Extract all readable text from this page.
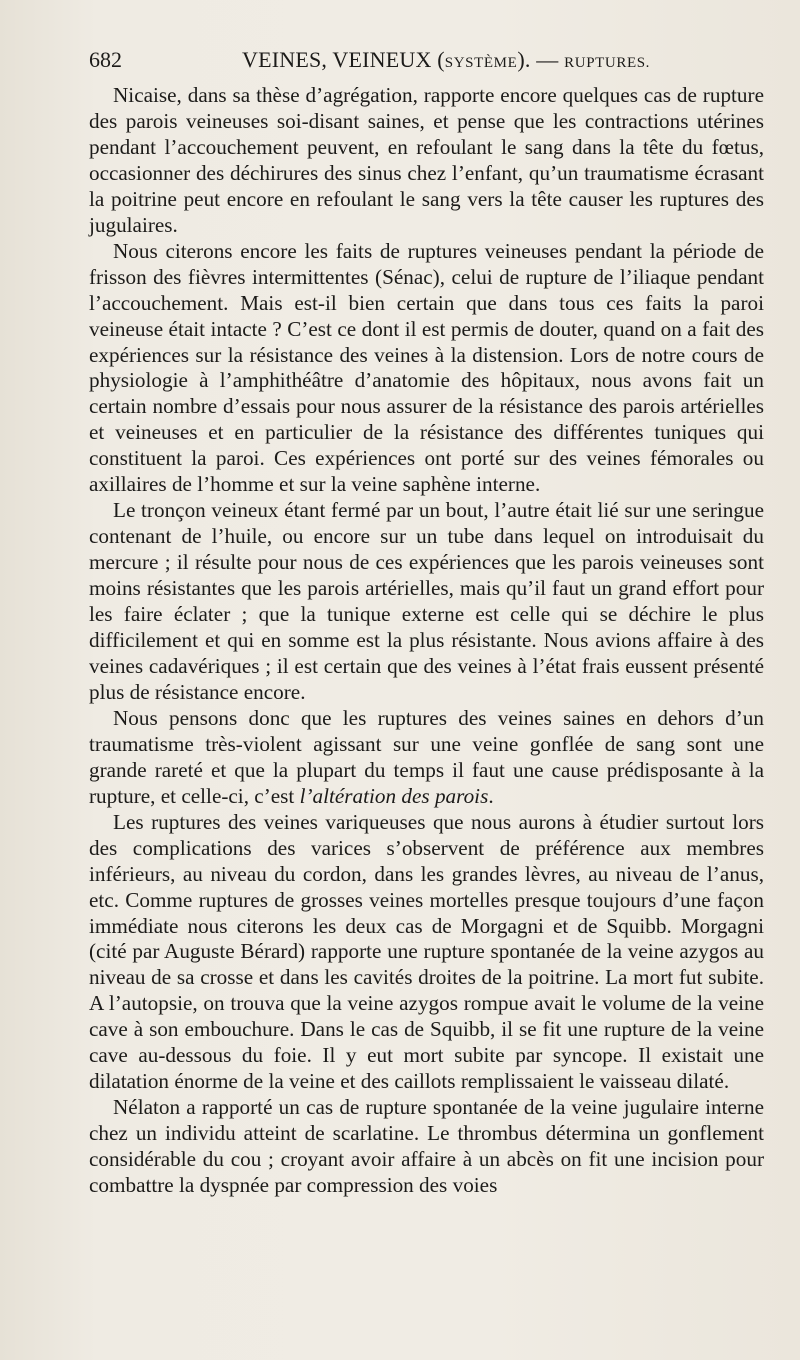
682	VEINES, VEINEUX (SYSTÈME). — RUPTURES.

Nicaise, dans sa thèse d’agrégation, rapporte encore quelques cas de rupture des parois veineuses soi-disant saines, et pense que les contractions utérines pendant l’accouchement peuvent, en refoulant le sang dans la tête du fœtus, occasionner des déchirures des sinus chez l’enfant, qu’un traumatisme écrasant la poitrine peut encore en refoulant le sang vers la tête causer les ruptures des jugulaires.

Nous citerons encore les faits de ruptures veineuses pendant la période de frisson des fièvres intermittentes (Sénac), celui de rupture de l’iliaque pendant l’accouchement. Mais est-il bien certain que dans tous ces faits la paroi veineuse était intacte ? C’est ce dont il est permis de douter, quand on a fait des expériences sur la résistance des veines à la distension. Lors de notre cours de physiologie à l’amphithéâtre d’anatomie des hôpitaux, nous avons fait un certain nombre d’essais pour nous assurer de la résistance des parois artérielles et veineuses et en particulier de la résistance des différentes tuniques qui constituent la paroi. Ces expériences ont porté sur des veines fémorales ou axillaires de l’homme et sur la veine saphène interne.

Le tronçon veineux étant fermé par un bout, l’autre était lié sur une seringue contenant de l’huile, ou encore sur un tube dans lequel on introduisait du mercure ; il résulte pour nous de ces expériences que les parois veineuses sont moins résistantes que les parois artérielles, mais qu’il faut un grand effort pour les faire éclater ; que la tunique externe est celle qui se déchire le plus difficilement et qui en somme est la plus résistante. Nous avions affaire à des veines cadavériques ; il est certain que des veines à l’état frais eussent présenté plus de résistance encore.

Nous pensons donc que les ruptures des veines saines en dehors d’un traumatisme très-violent agissant sur une veine gonflée de sang sont une grande rareté et que la plupart du temps il faut une cause prédisposante à la rupture, et celle-ci, c’est l’altération des parois.

Les ruptures des veines variqueuses que nous aurons à étudier surtout lors des complications des varices s’observent de préférence aux membres inférieurs, au niveau du cordon, dans les grandes lèvres, au niveau de l’anus, etc. Comme ruptures de grosses veines mortelles presque toujours d’une façon immédiate nous citerons les deux cas de Morgagni et de Squibb. Morgagni (cité par Auguste Bérard) rapporte une rupture spontanée de la veine azygos au niveau de sa crosse et dans les cavités droites de la poitrine. La mort fut subite. A l’autopsie, on trouva que la veine azygos rompue avait le volume de la veine cave à son embouchure. Dans le cas de Squibb, il se fit une rupture de la veine cave au-dessous du foie. Il y eut mort subite par syncope. Il existait une dilatation énorme de la veine et des caillots remplissaient le vaisseau dilaté.

Nélaton a rapporté un cas de rupture spontanée de la veine jugulaire interne chez un individu atteint de scarlatine. Le thrombus détermina un gonflement considérable du cou ; croyant avoir affaire à un abcès on fit une incision pour combattre la dyspnée par compression des voies
